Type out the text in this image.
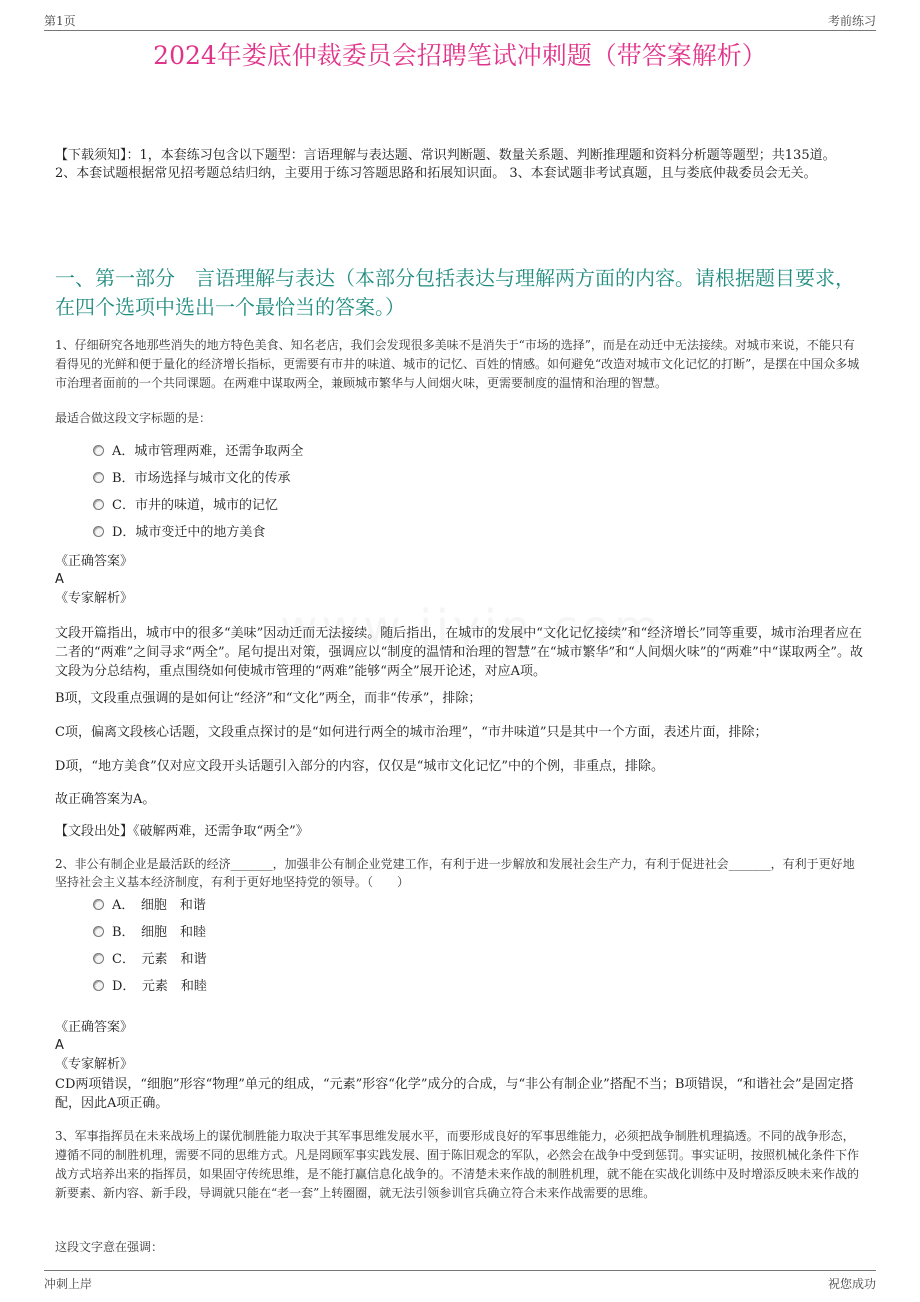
第1页	考前练习
2024年娄底仲裁委员会招聘笔试冲刺题（带答案解析）
【下载须知】：1，本套练习包含以下题型：言语理解与表达题、常识判断题、数量关系题、判断推理题和资料分析题等题型；共135道。 2、本套试题根据常见招考题总结归纳，主要用于练习答题思路和拓展知识面。 3、本套试题非考试真题，且与娄底仲裁委员会无关。
一、第一部分　言语理解与表达（本部分包括表达与理解两方面的内容。请根据题目要求，在四个选项中选出一个最恰当的答案。）
1、仔细研究各地那些消失的地方特色美食、知名老店，我们会发现很多美味不是消失于“市场的选择”，而是在动迁中无法接续。对城市来说，不能只有看得见的光鲜和便于量化的经济增长指标，更需要有市井的味道、城市的记忆、百姓的情感。如何避免“改造对城市文化记忆的打断”，是摆在中国众多城市治理者面前的一个共同课题。在两难中谋取两全，兼顾城市繁华与人间烟火味，更需要制度的温情和治理的智慧。
最适合做这段文字标题的是：
A．城市管理两难，还需争取两全
B．市场选择与城市文化的传承
C．市井的味道，城市的记忆
D．城市变迁中的地方美食
《正确答案》
A
《专家解析》
文段开篇指出，城市中的很多“美味”因动迁而无法接续。随后指出，在城市的发展中“文化记忆接续”和“经济增长”同等重要，城市治理者应在二者的“两难”之间寻求“两全”。尾句提出对策，强调应以“制度的温情和治理的智慧”在“城市繁华”和“人间烟火味”的“两难”中“谋取两全”。故文段为分总结构，重点围绕如何使城市管理的“两难”能够“两全”展开论述，对应A项。
B项，文段重点强调的是如何让“经济”和“文化”两全，而非“传承”，排除；
C项，偏离文段核心话题，文段重点探讨的是“如何进行两全的城市治理”，“市井味道”只是其中一个方面，表述片面，排除；
D项，“地方美食”仅对应文段开头话题引入部分的内容，仅仅是“城市文化记忆”中的个例，非重点，排除。
故正确答案为A。
【文段出处】《破解两难，还需争取“两全”》
2、非公有制企业是最活跃的经济_______，加强非公有制企业党建工作，有利于进一步解放和发展社会生产力，有利于促进社会_______，有利于更好地坚持社会主义基本经济制度，有利于更好地坚持党的领导。（　　）
A．　细胞　和谐
B．　细胞　和睦
C．　元素　和谐
D．　元素　和睦
《正确答案》
A
《专家解析》
CD两项错误，“细胞”形容“物理”单元的组成，“元素”形容“化学”成分的合成，与“非公有制企业”搭配不当；B项错误，“和谐社会”是固定搭配，因此A项正确。
3、军事指挥员在未来战场上的谋优制胜能力取决于其军事思维发展水平，而要形成良好的军事思维能力，必须把战争制胜机理搞透。不同的战争形态，遵循不同的制胜机理，需要不同的思维方式。凡是罔顾军事实践发展、囿于陈旧观念的军队，必然会在战争中受到惩罚。事实证明，按照机械化条件下作战方式培养出来的指挥员，如果固守传统思维，是不能打赢信息化战争的。不清楚未来作战的制胜机理，就不能在实战化训练中及时增添反映未来作战的新要素、新内容、新手段，导调就只能在“老一套”上转圈圈，就无法引领参训官兵确立符合未来作战需要的思维。
这段文字意在强调：
冲刺上岸	祝您成功
